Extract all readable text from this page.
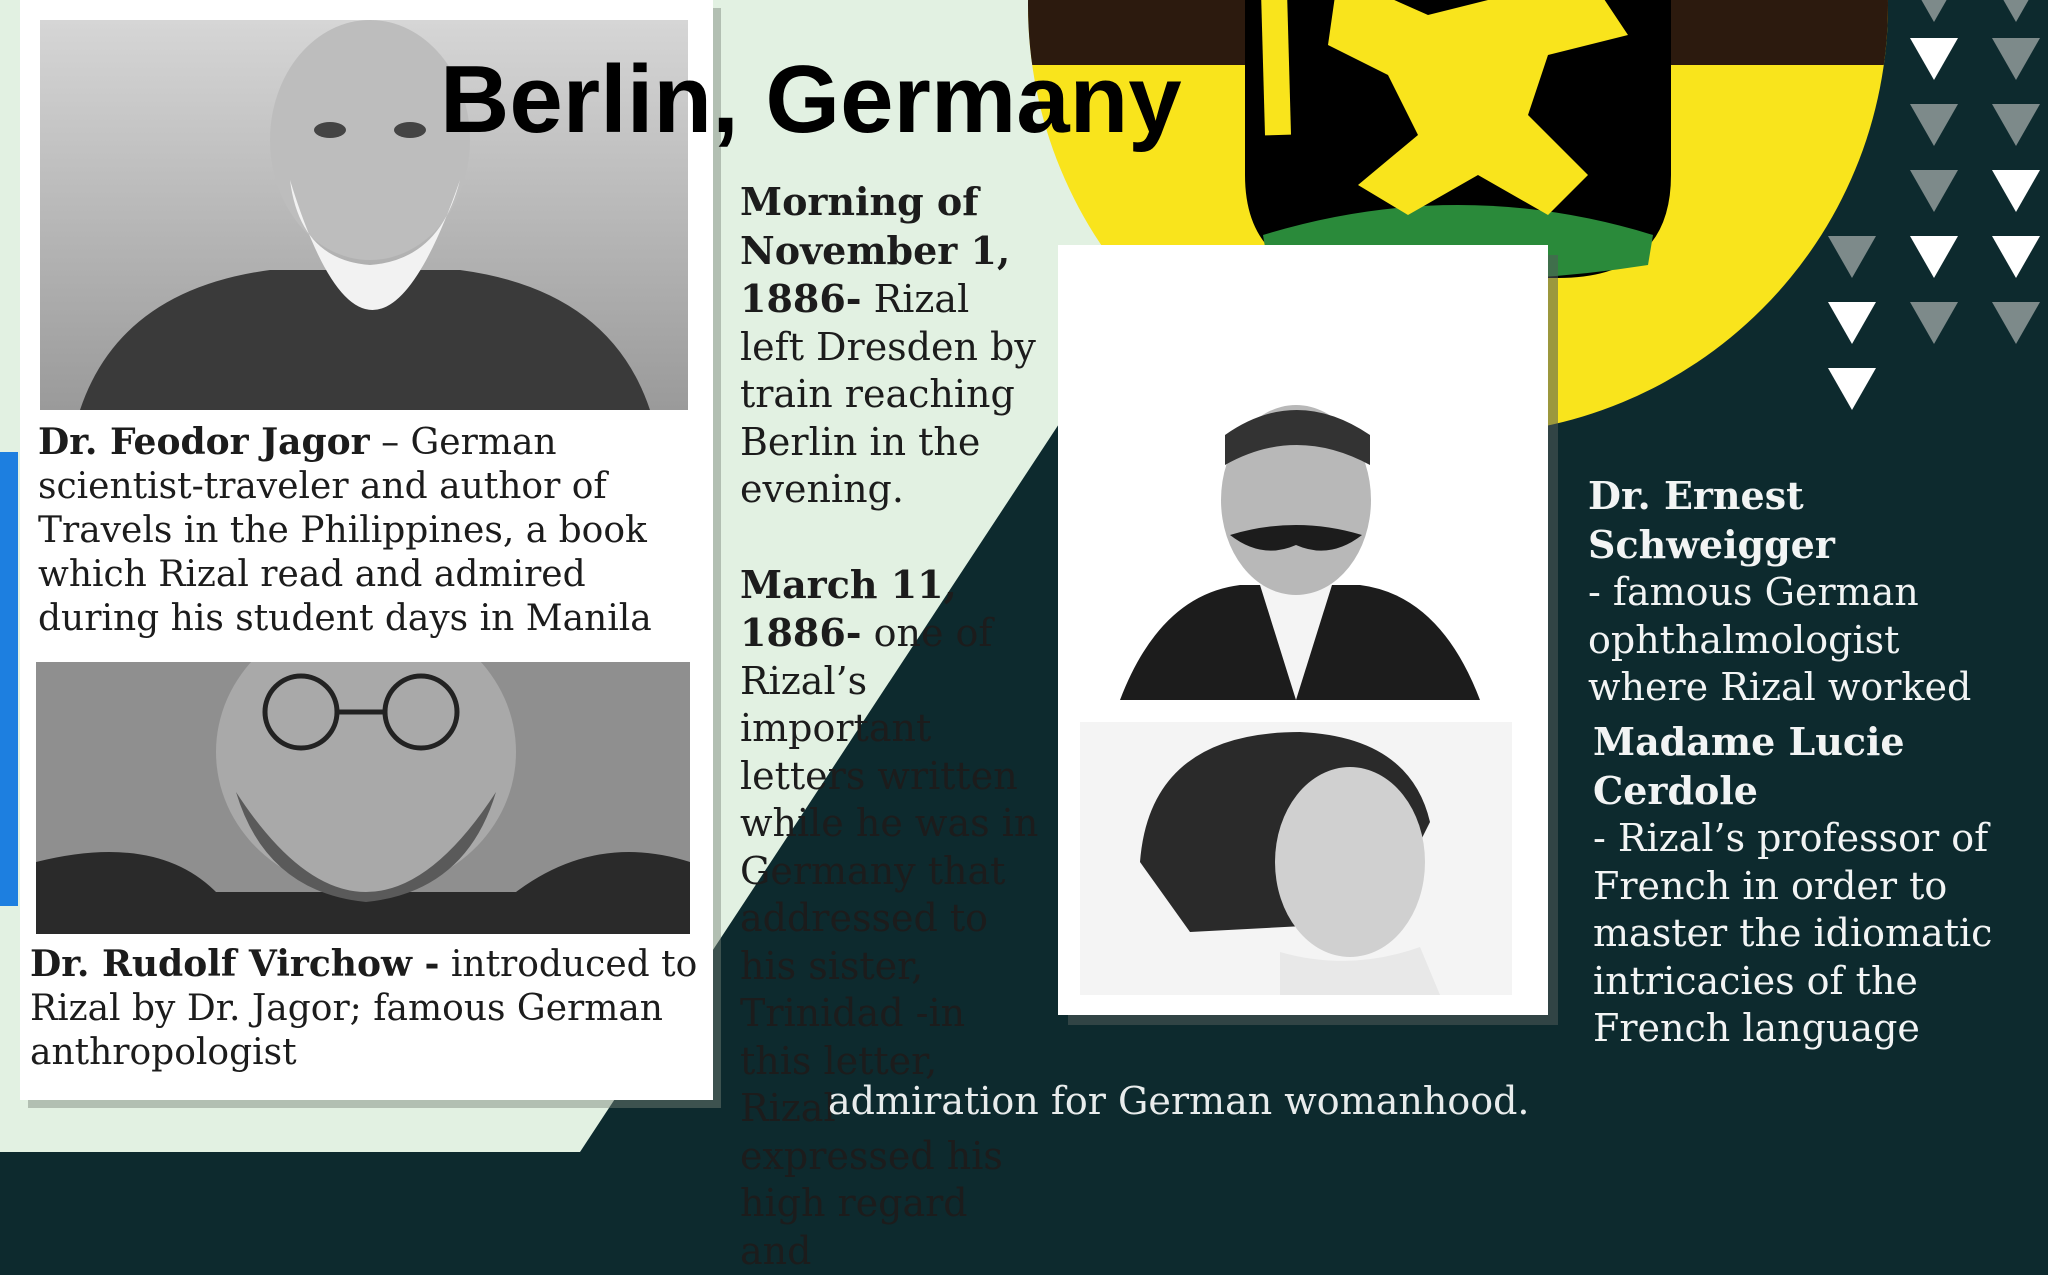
Berlin, Germany
Dr. Feodor Jagor – German scientist-traveler and author of Travels in the Philippines, a book which Rizal read and admired during his student days in Manila
Dr. Rudolf Virchow - introduced to Rizal by Dr. Jagor; famous German anthropologist

Morning of November 1, 1886- Rizal left Dresden by train reaching Berlin in the evening.

March 11, 1886- one of Rizal’s important letters written while he was in Germany that addressed to his sister, Trinidad -in this letter, Rizal expressed his high regard and

admiration for German womanhood.
Dr. Ernest Schweigger
- famous German ophthalmologist where Rizal worked
Madame Lucie Cerdole
- Rizal’s professor of French in order to master the idiomatic intricacies of the French language
